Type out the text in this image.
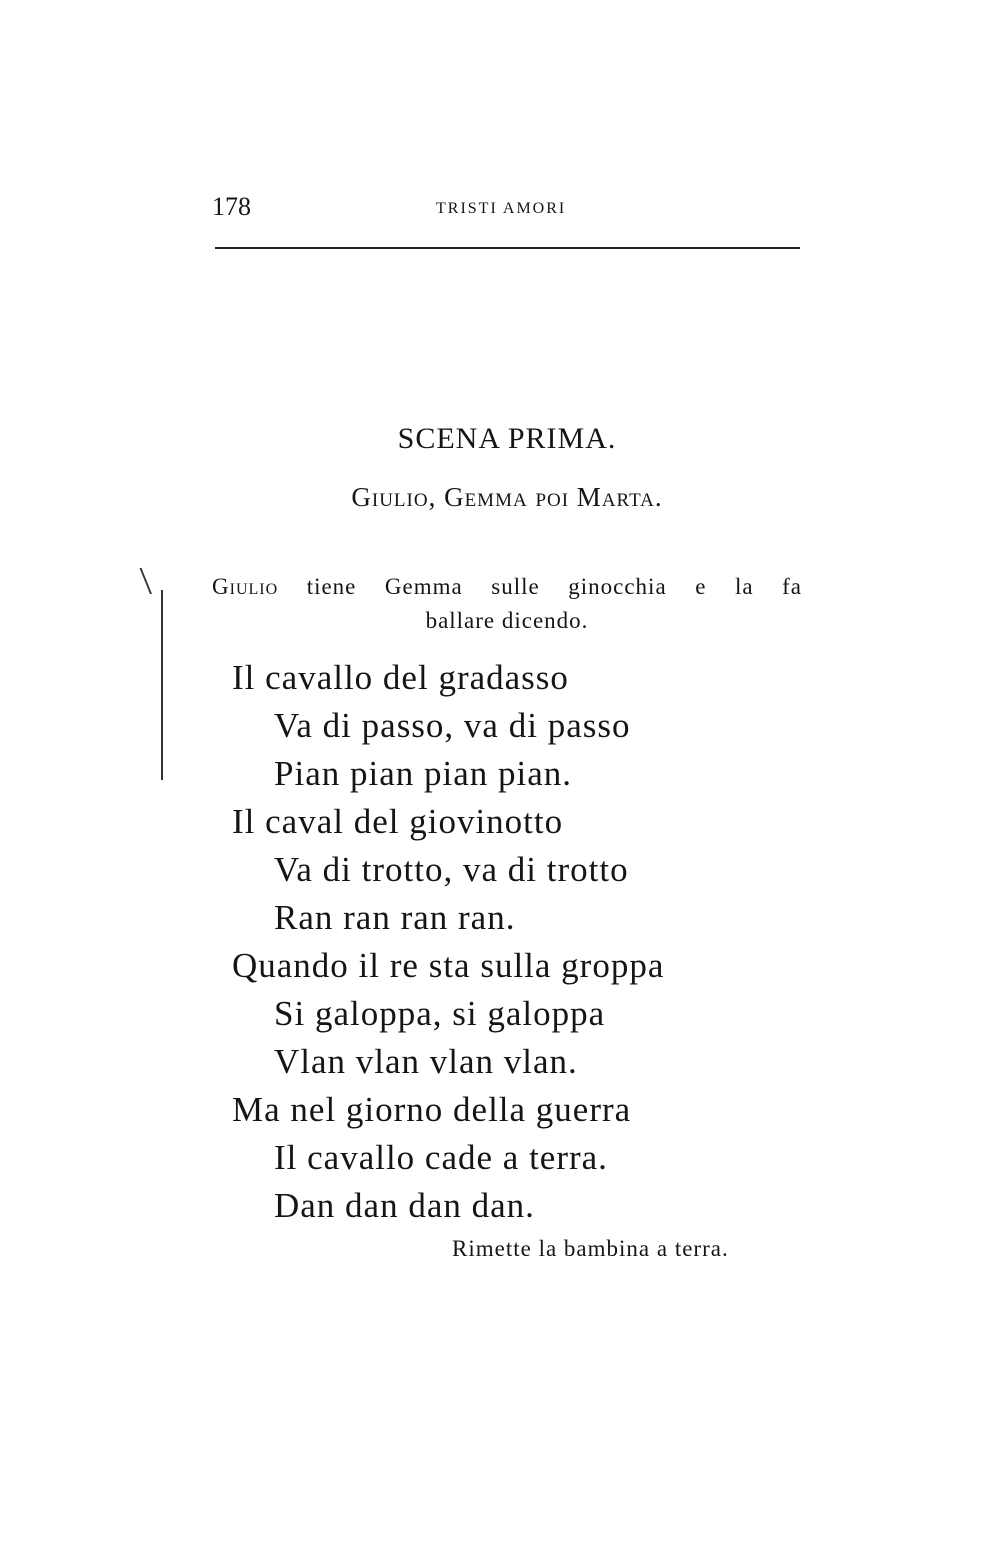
178	TRISTI AMORI
SCENA PRIMA.
Giulio, Gemma poi Marta.
Giulio tiene Gemma sulle ginocchia e la fa
ballare dicendo.
Il cavallo del gradasso
Va di passo, va di passo
Pian pian pian pian.
Il caval del giovinotto
Va di trotto, va di trotto
Ran ran ran ran.
Quando il re sta sulla groppa
Si galoppa, si galoppa
Vlan vlan vlan vlan.
Ma nel giorno della guerra
Il cavallo cade a terra.
Dan dan dan dan.
Rimette la bambina a terra.
